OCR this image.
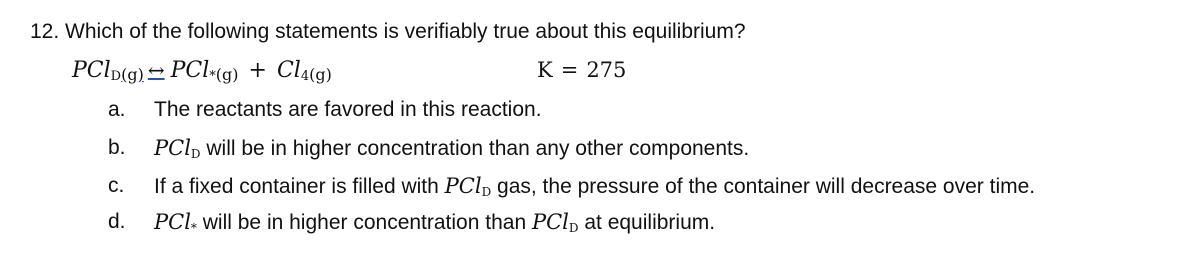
12. Which of the following statements is verifiably true about this equilibrium?
PCl$_D$(g) ↔ $PCl_*(g) + Cl_4(g)$	K = 275
a.	The reactants are favored in this reaction.
b.	PCl$_D$ will be in higher concentration than any other components.
c.	If a fixed container is filled with PCl$_D$ gas, the pressure of the container will decrease over time.
d.	PCl$_*$ will be in higher concentration than PCl$_D$ at equilibrium.
